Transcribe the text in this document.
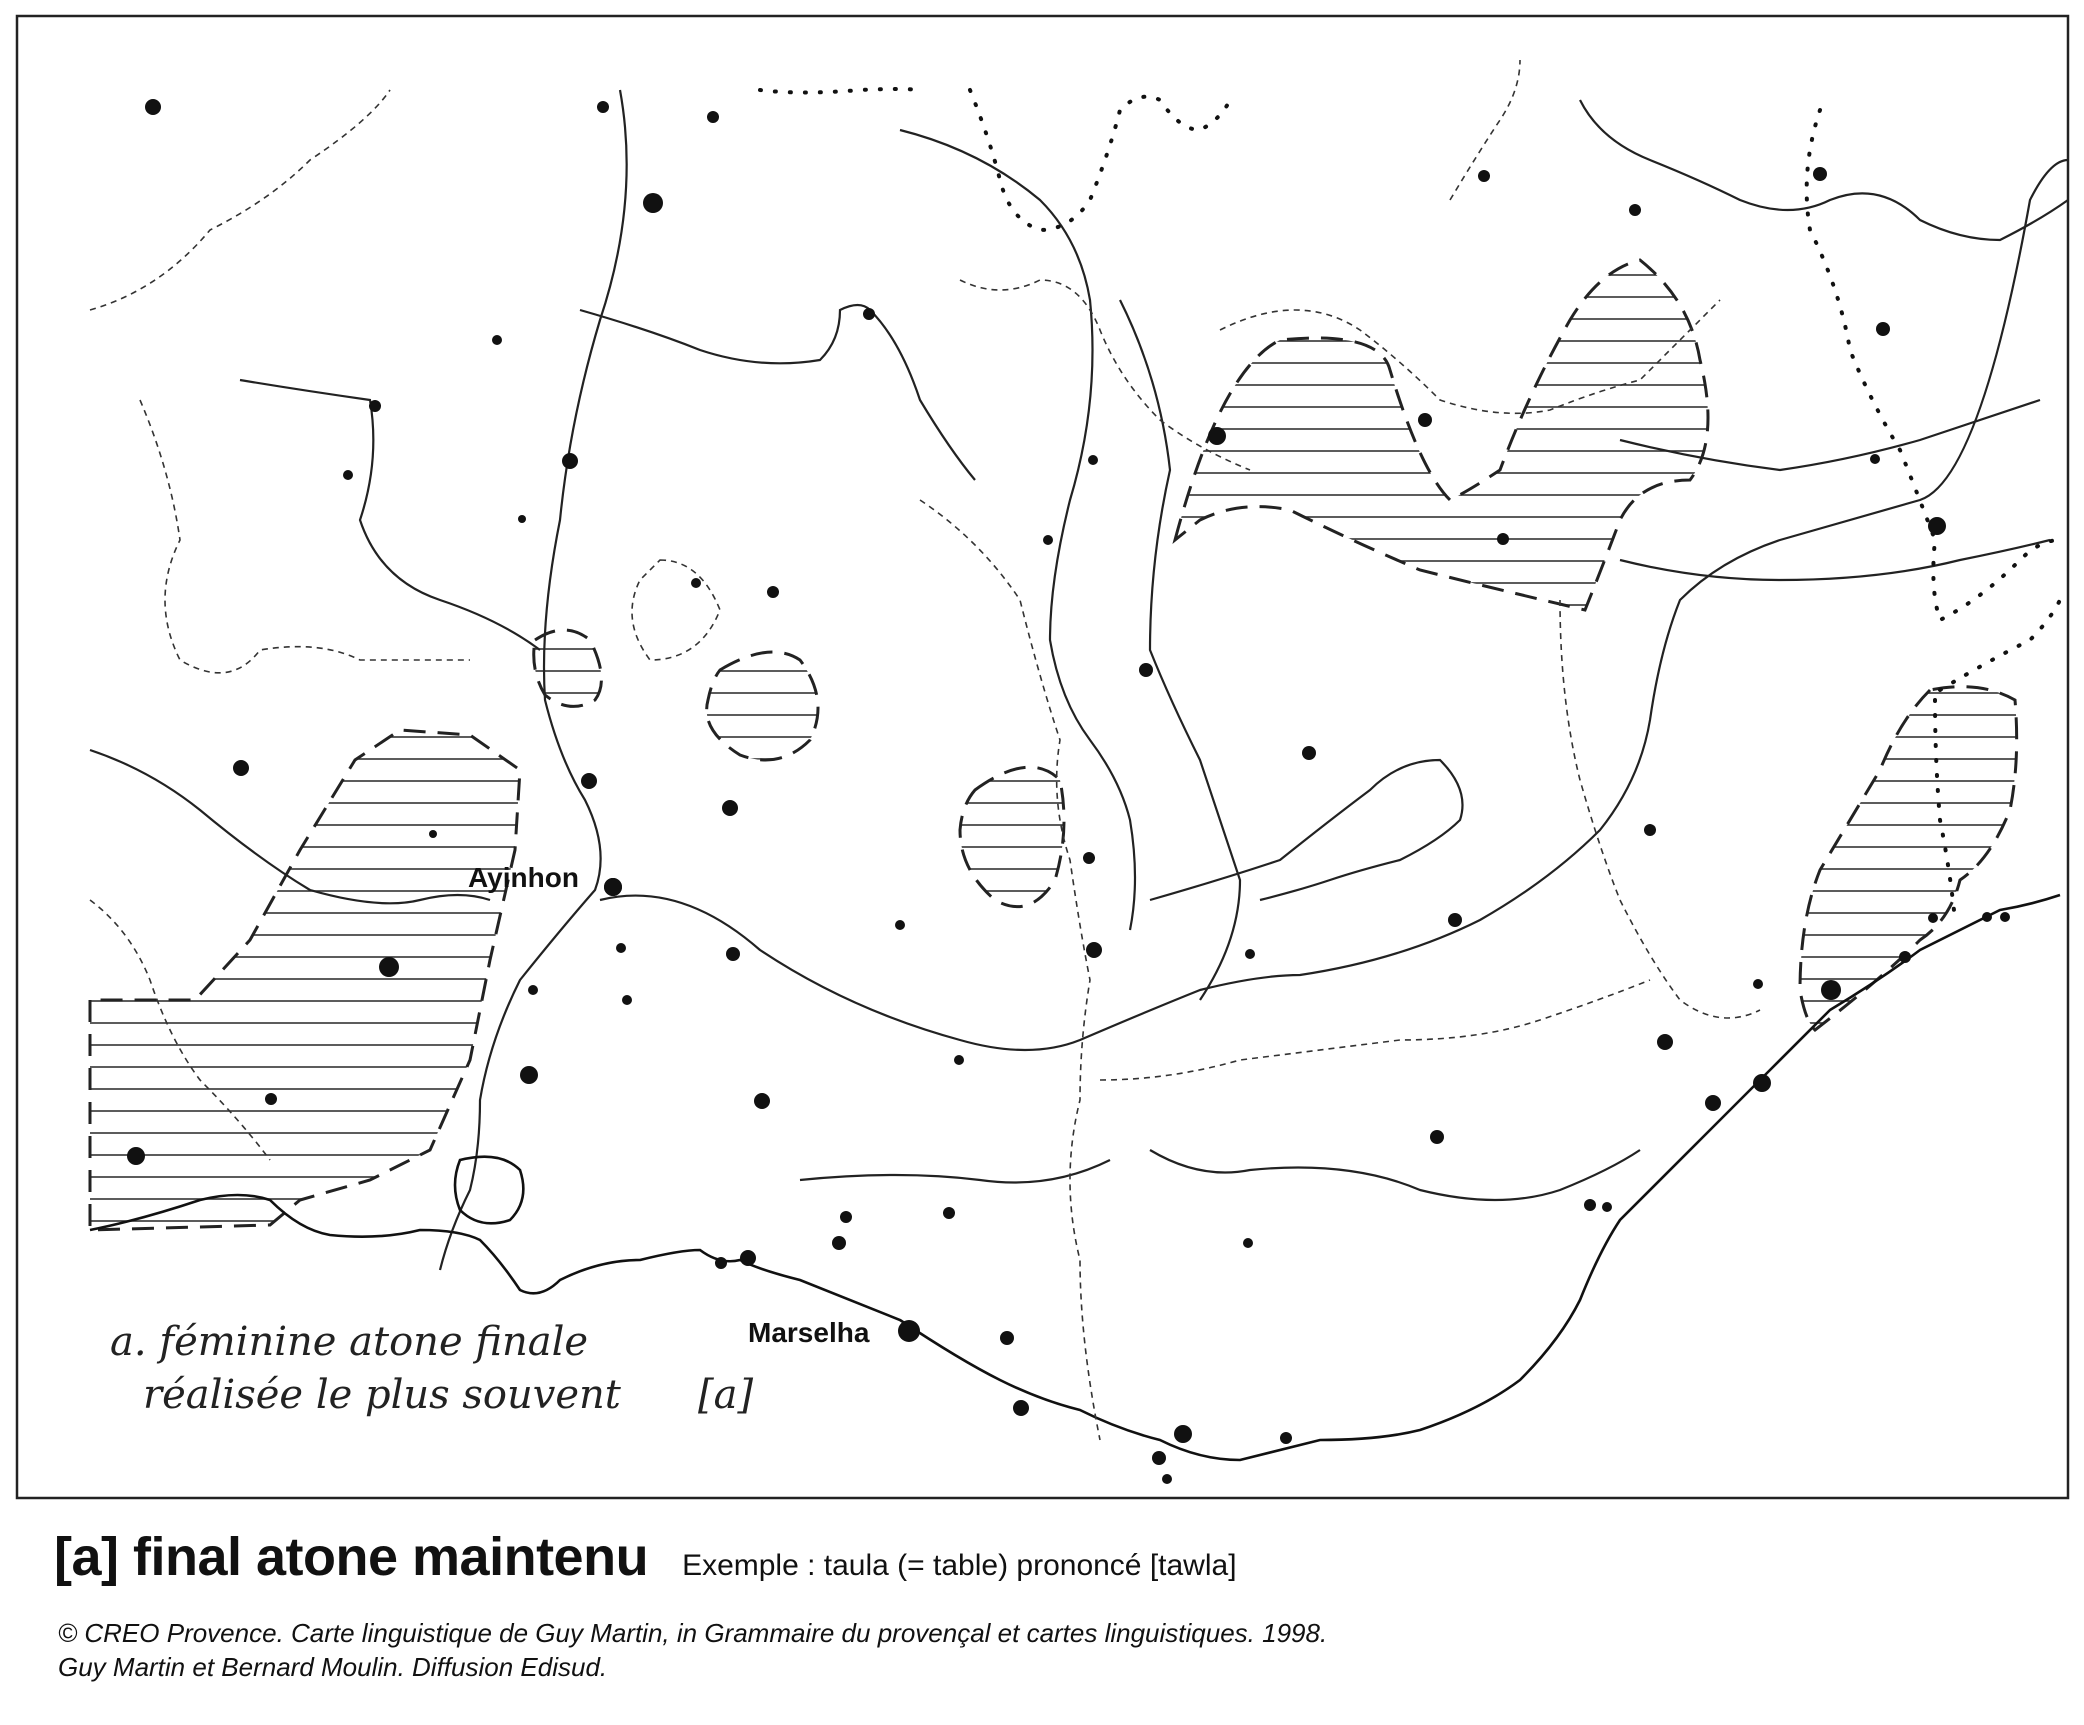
Ayinhon
Marselha
a. féminine atone finale
réalisée le plus souvent [a]
[a] final atone maintenu Exemple : taula (= table) prononcé [tawla]
© CREO Provence. Carte linguistique de Guy Martin, in Grammaire du provençal et cartes linguistiques. 1998.
Guy Martin et Bernard Moulin. Diffusion Edisud.
